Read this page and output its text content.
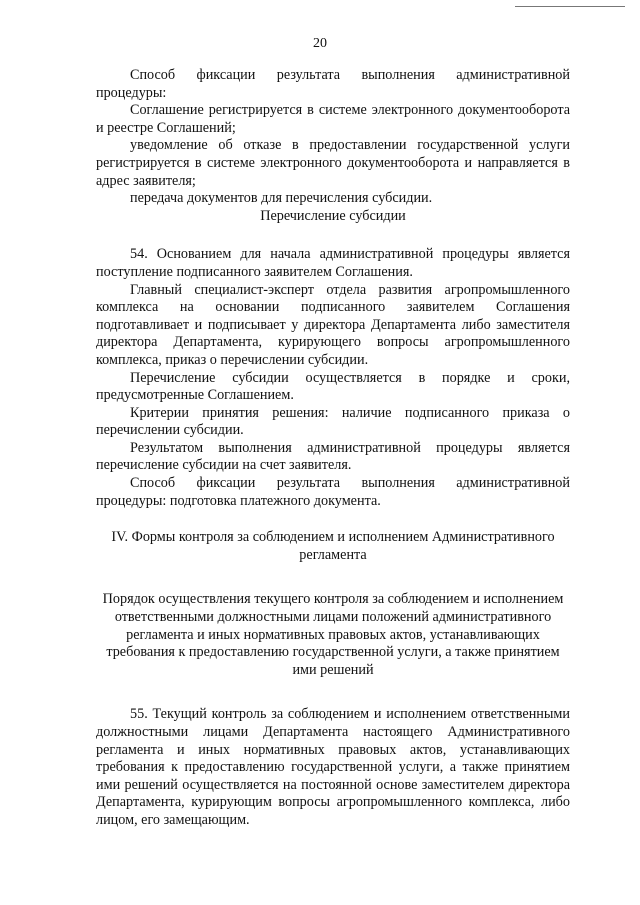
20

Способ фиксации результата выполнения административной процедуры:

Соглашение регистрируется в системе электронного документооборота и реестре Соглашений;

уведомление об отказе в предоставлении государственной услуги регистрируется в системе электронного документооборота и направляется в адрес заявителя;

передача документов для перечисления субсидии.

Перечисление субсидии

54. Основанием для начала административной процедуры является поступление подписанного заявителем Соглашения.

Главный специалист-эксперт отдела развития агропромышленного комплекса на основании подписанного заявителем Соглашения подготавливает и подписывает у директора Департамента либо заместителя директора Департамента, курирующего вопросы агропромышленного комплекса, приказ о перечислении субсидии.

Перечисление субсидии осуществляется в порядке и сроки, предусмотренные Соглашением.

Критерии принятия решения: наличие подписанного приказа о перечислении субсидии.

Результатом выполнения административной процедуры является перечисление субсидии на счет заявителя.

Способ фиксации результата выполнения административной процедуры: подготовка платежного документа.

IV. Формы контроля за соблюдением и исполнением Административного регламента

Порядок осуществления текущего контроля за соблюдением и исполнением ответственными должностными лицами положений административного регламента и иных нормативных правовых актов, устанавливающих требования к предоставлению государственной услуги, а также принятием ими решений

55. Текущий контроль за соблюдением и исполнением ответственными должностными лицами Департамента настоящего Административного регламента и иных нормативных правовых актов, устанавливающих требования к предоставлению государственной услуги, а также принятием ими решений осуществляется на постоянной основе заместителем директора Департамента, курирующим вопросы агропромышленного комплекса, либо лицом, его замещающим.
